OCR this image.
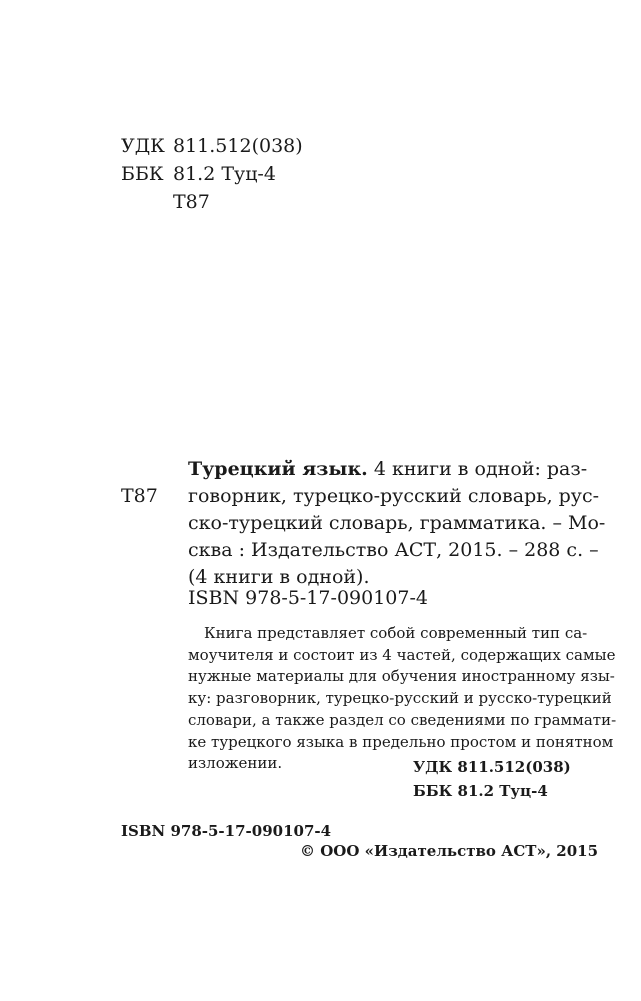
УДК 811.512(038)
ББК 81.2 Туц-4
Т87
Т87
Турецкий язык. 4 книги в одной: раз-
говорник, турецко-русский словарь, рус-
ско-турецкий словарь, грамматика. – Мо-
сква : Издательство АСТ, 2015. – 288 с. –
(4 книги в одной).
ISBN 978-5-17-090107-4
Книга представляет собой современный тип са-
моучителя и состоит из 4 частей, содержащих самые
нужные материалы для обучения иностранному язы-
ку: разговорник, турецко-русский и русско-турецкий
словари, а также раздел со сведениями по граммати-
ке турецкого языка в предельно простом и понятном
изложении.	УДК 811.512(038)
ББК 81.2 Туц-4
ISBN 978-5-17-090107-4
© ООО «Издательство АСТ», 2015
